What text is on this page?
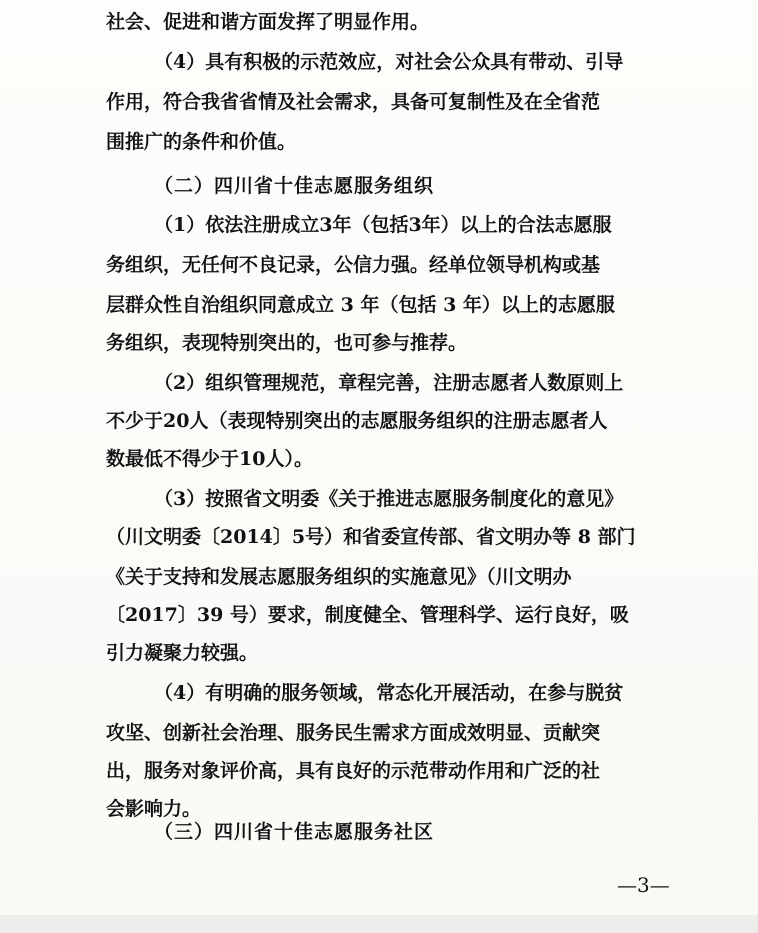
社会、促进和谐方面发挥了明显作用。
（4）具有积极的示范效应，对社会公众具有带动、引导
作用，符合我省省情及社会需求，具备可复制性及在全省范
围推广的条件和价值。
（二）四川省十佳志愿服务组织
（1）依法注册成立3年（包括3年）以上的合法志愿服
务组织，无任何不良记录，公信力强。经单位领导机构或基
层群众性自治组织同意成立 3 年（包括 3 年）以上的志愿服
务组织，表现特别突出的，也可参与推荐。
（2）组织管理规范，章程完善，注册志愿者人数原则上
不少于20人（表现特别突出的志愿服务组织的注册志愿者人
数最低不得少于10人）。
（3）按照省文明委《关于推进志愿服务制度化的意见》
（川文明委〔2014〕5号）和省委宣传部、省文明办等 8 部门
《关于支持和发展志愿服务组织的实施意见》（川文明办
〔2017〕39 号）要求，制度健全、管理科学、运行良好，吸
引力凝聚力较强。
（4）有明确的服务领域，常态化开展活动，在参与脱贫
攻坚、创新社会治理、服务民生需求方面成效明显、贡献突
出，服务对象评价高，具有良好的示范带动作用和广泛的社
会影响力。
（三）四川省十佳志愿服务社区
—3—
